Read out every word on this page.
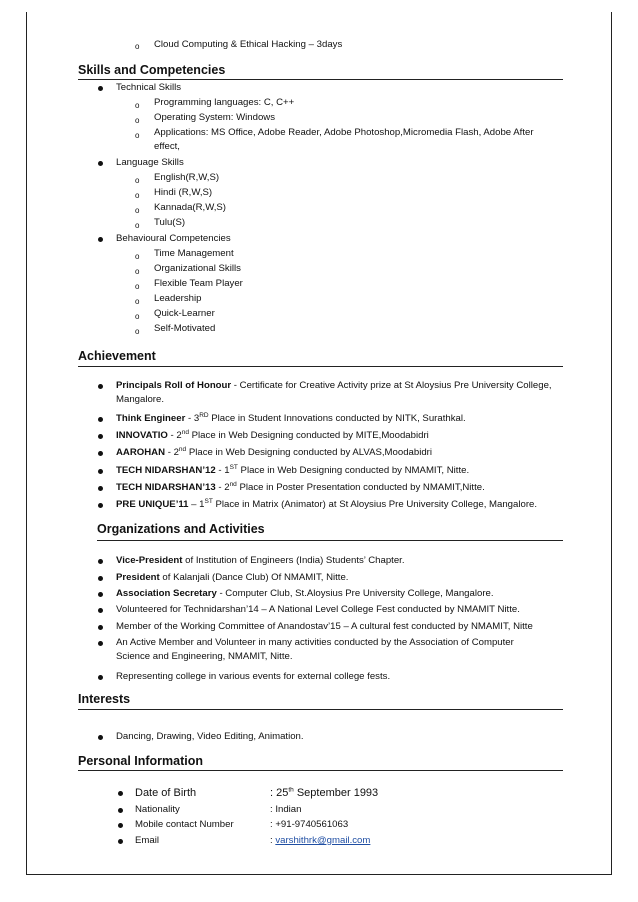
o Cloud Computing & Ethical Hacking – 3days
Skills and Competencies
Technical Skills
o Programming languages: C, C++
o Operating System: Windows
o Applications: MS Office, Adobe Reader, Adobe Photoshop,Micromedia Flash, Adobe After effect,
Language Skills
o English(R,W,S)
o Hindi (R,W,S)
o Kannada(R,W,S)
o Tulu(S)
Behavioural Competencies
o Time Management
o Organizational Skills
o Flexible Team Player
o Leadership
o Quick-Learner
o Self-Motivated
Achievement
Principals Roll of Honour - Certificate for Creative Activity prize at St Aloysius Pre University College, Mangalore.
Think Engineer - 3RD Place in Student Innovations conducted by NITK, Surathkal.
INNOVATIO - 2nd Place in Web Designing conducted by MITE,Moodabidri
AAROHAN - 2nd Place in Web Designing conducted by ALVAS,Moodabidri
TECH NIDARSHAN’12 - 1ST Place in Web Designing conducted by NMAMIT, Nitte.
TECH NIDARSHAN’13 - 2nd Place in Poster Presentation conducted by NMAMIT,Nitte.
PRE UNIQUE’11 – 1ST Place in Matrix (Animator) at St Aloysius Pre University College, Mangalore.
Organizations and Activities
Vice-President of Institution of Engineers (India) Students’ Chapter.
President of Kalanjali (Dance Club) Of NMAMIT, Nitte.
Association Secretary - Computer Club, St.Aloysius Pre University College, Mangalore.
Volunteered for Technidarshan’14 – A National Level College Fest conducted by NMAMIT Nitte.
Member of the Working Committee of Anandostav’15 – A cultural fest conducted by NMAMIT, Nitte
An Active Member and Volunteer in many activities conducted by the Association of Computer Science and Engineering, NMAMIT, Nitte.
Representing college in various events for external college fests.
Interests
Dancing, Drawing, Video Editing, Animation.
Personal Information
Date of Birth	: 25th September 1993
Nationality	: Indian
Mobile contact Number	: +91-9740561063
Email	: varshithrk@gmail.com
